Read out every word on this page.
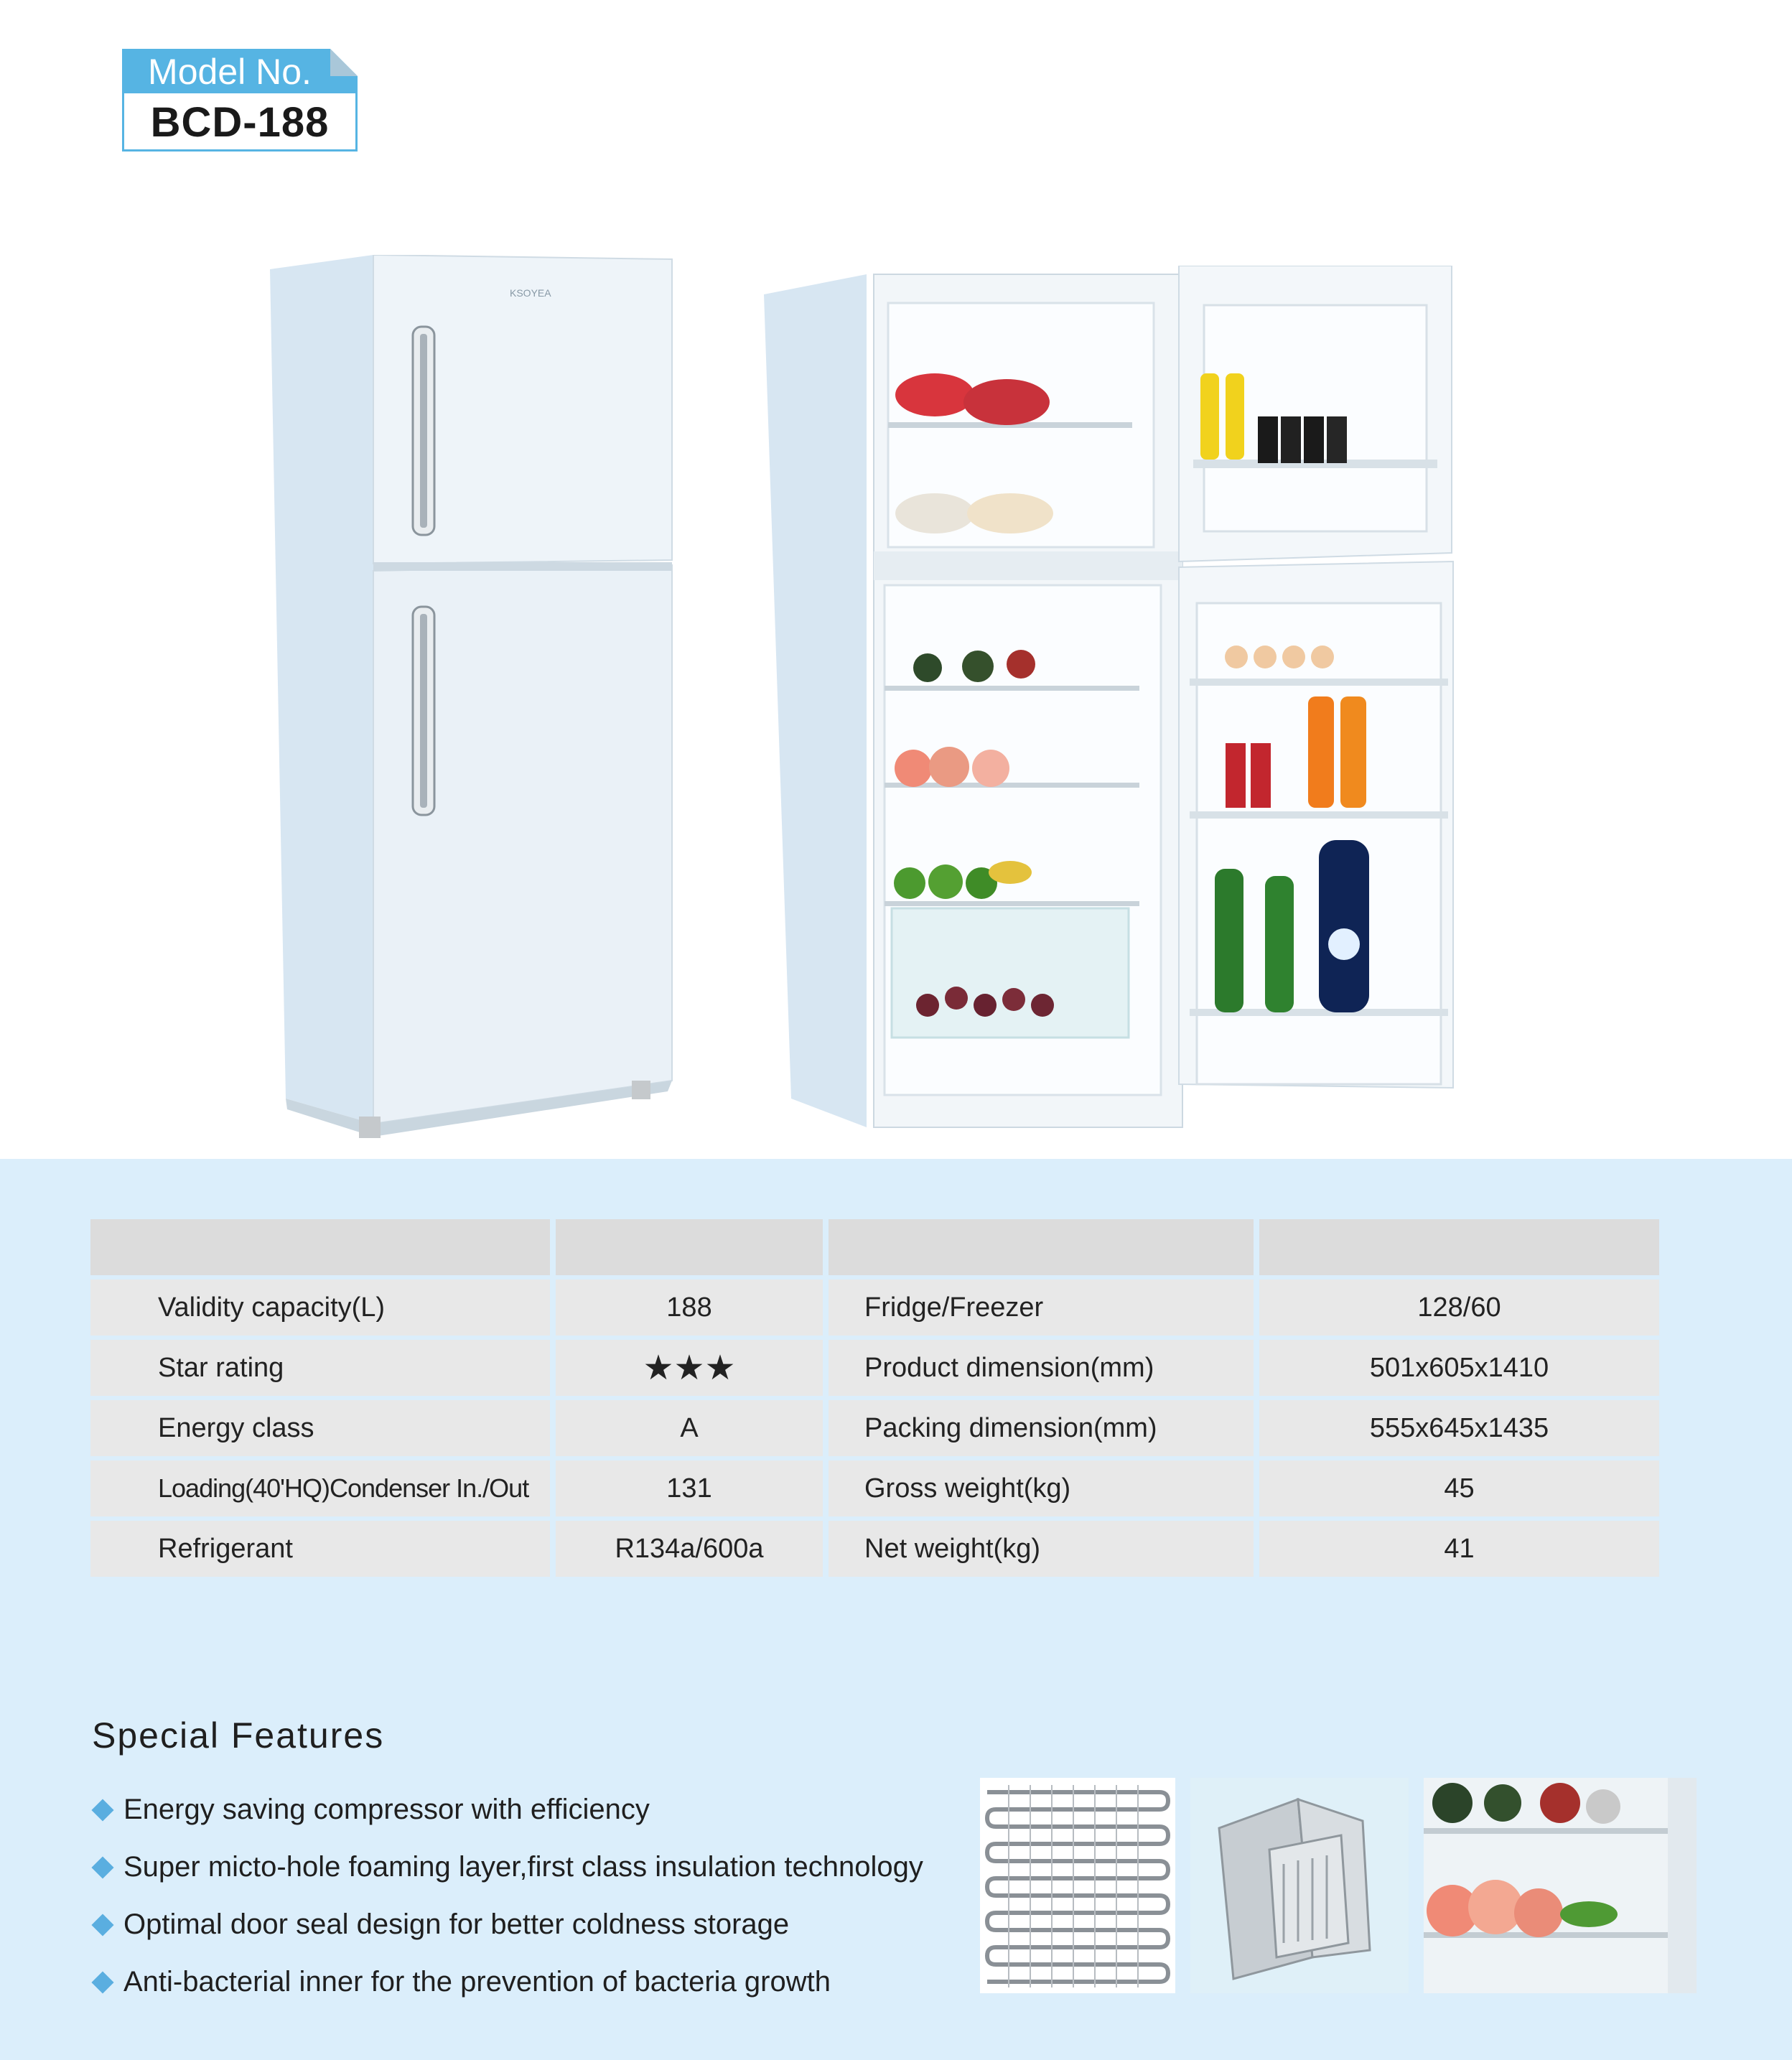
Model No.
BCD-188
KSOYEA
Validity capacity(L)	188	Fridge/Freezer	128/60
Star rating	★★★	Product dimension(mm)	501x605x1410
Energy class	A	Packing dimension(mm)	555x645x1435
Loading(40'HQ)Condenser In./Out	131	Gross weight(kg)	45
Refrigerant	R134a/600a	Net weight(kg)	41
Special Features
Energy saving compressor with efficiency
Super micto-hole foaming layer,first class insulation technology
Optimal door seal design for better coldness storage
Anti-bacterial inner for the prevention of bacteria growth
